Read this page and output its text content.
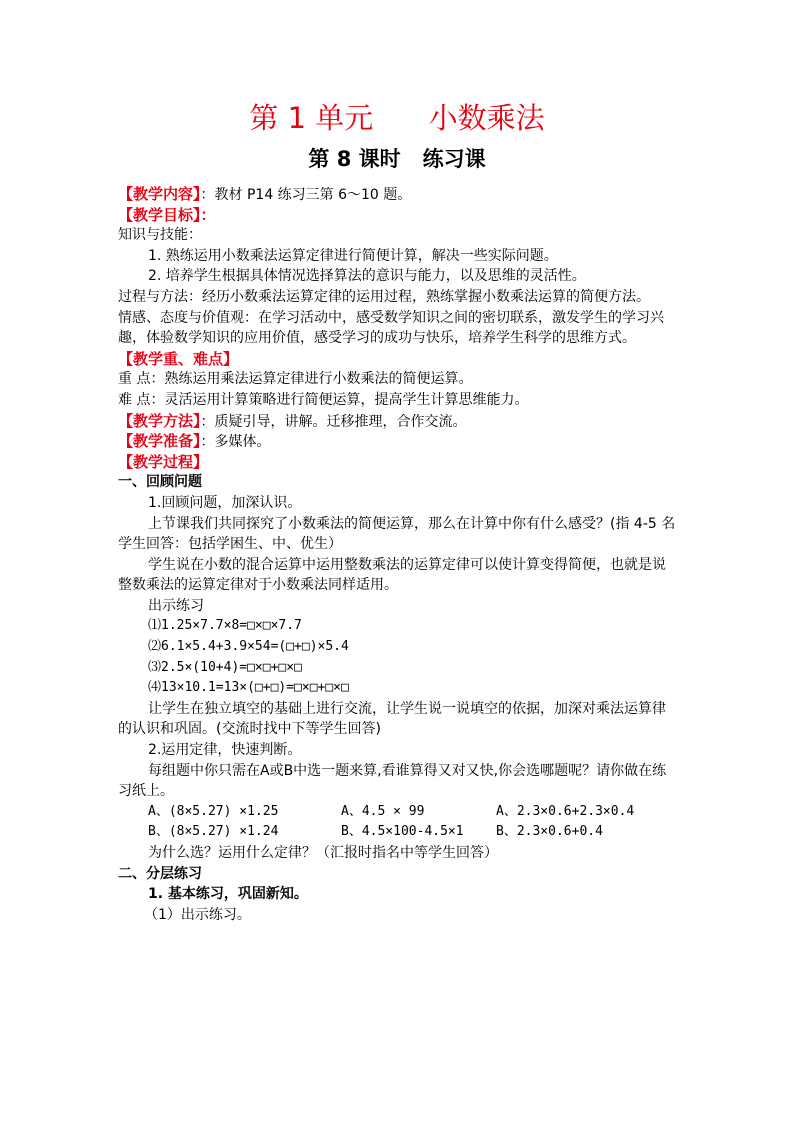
第 1 单元      小数乘法
第 8 课时   练习课
【教学内容】：教材 P14 练习三第 6～10 题。
【教学目标】：
知识与技能：
1. 熟练运用小数乘法运算定律进行简便计算，解决一些实际问题。
2. 培养学生根据具体情况选择算法的意识与能力，以及思维的灵活性。
过程与方法：经历小数乘法运算定律的运用过程，熟练掌握小数乘法运算的简便方法。
情感、态度与价值观：在学习活动中，感受数学知识之间的密切联系，激发学生的学习兴趣，体验数学知识的应用价值，感受学习的成功与快乐，培养学生科学的思维方式。
【教学重、难点】
重 点：熟练运用乘法运算定律进行小数乘法的简便运算。
难 点：灵活运用计算策略进行简便运算，提高学生计算思维能力。
【教学方法】：质疑引导，讲解。迁移推理，合作交流。
【教学准备】：多媒体。
【教学过程】
一、回顾问题
1.回顾问题，加深认识。
上节课我们共同探究了小数乘法的简便运算，那么在计算中你有什么感受？(指 4-5 名学生回答：包括学困生、中、优生）
学生说在小数的混合运算中运用整数乘法的运算定律可以使计算变得简便，也就是说整数乘法的运算定律对于小数乘法同样适用。
出示练习
⑴1.25×7.7×8=□×□×7.7
⑵6.1×5.4+3.9×54=(□+□)×5.4
⑶2.5×(10+4)=□×□+□×□
⑷13×10.1=13×(□+□)=□×□+□×□
让学生在独立填空的基础上进行交流，让学生说一说填空的依据，加深对乘法运算律的认识和巩固。(交流时找中下等学生回答)
2.运用定律，快速判断。
每组题中你只需在A或B中选一题来算,看谁算得又对又快,你会选哪题呢？请你做在练习纸上。
A、(8×5.27) ×1.25	A、4.5 × 99	A、2.3×0.6+2.3×0.4
B、(8×5.27) ×1.24	B、4.5×100-4.5×1	B、2.3×0.6+0.4
为什么选？运用什么定律？（汇报时指名中等学生回答）
二、分层练习
1. 基本练习，巩固新知。
（1）出示练习。
